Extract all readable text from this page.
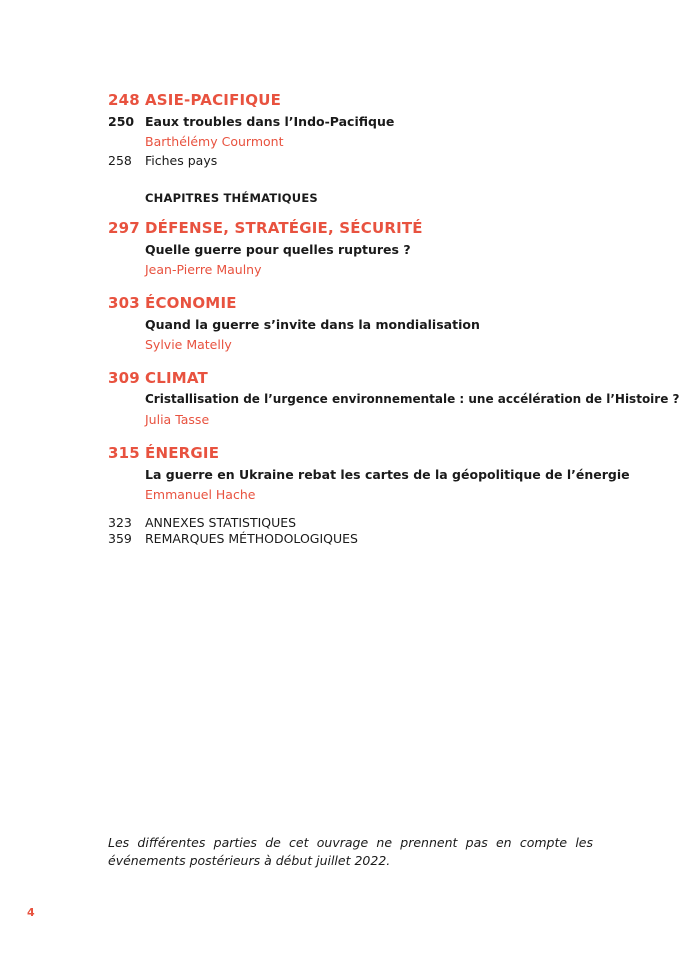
248 ASIE-PACIFIQUE
250 Eaux troubles dans l’Indo-Pacifique
Barthélémy Courmont
258	Fiches pays
CHAPITRES THÉMATIQUES
297 DÉFENSE, STRATÉGIE, SÉCURITÉ
Quelle guerre pour quelles ruptures ?
Jean-Pierre Maulny
303 ÉCONOMIE
Quand la guerre s’invite dans la mondialisation
Sylvie Matelly
309 CLIMAT
Cristallisation de l’urgence environnementale : une accélération de l’Histoire ?
Julia Tasse
315 ÉNERGIE
La guerre en Ukraine rebat les cartes de la géopolitique de l’énergie
Emmanuel Hache
323	ANNEXES STATISTIQUES
359	REMARQUES MÉTHODOLOGIQUES
Les différentes parties de cet ouvrage ne prennent pas en compte les événements postérieurs à début juillet 2022.
4
